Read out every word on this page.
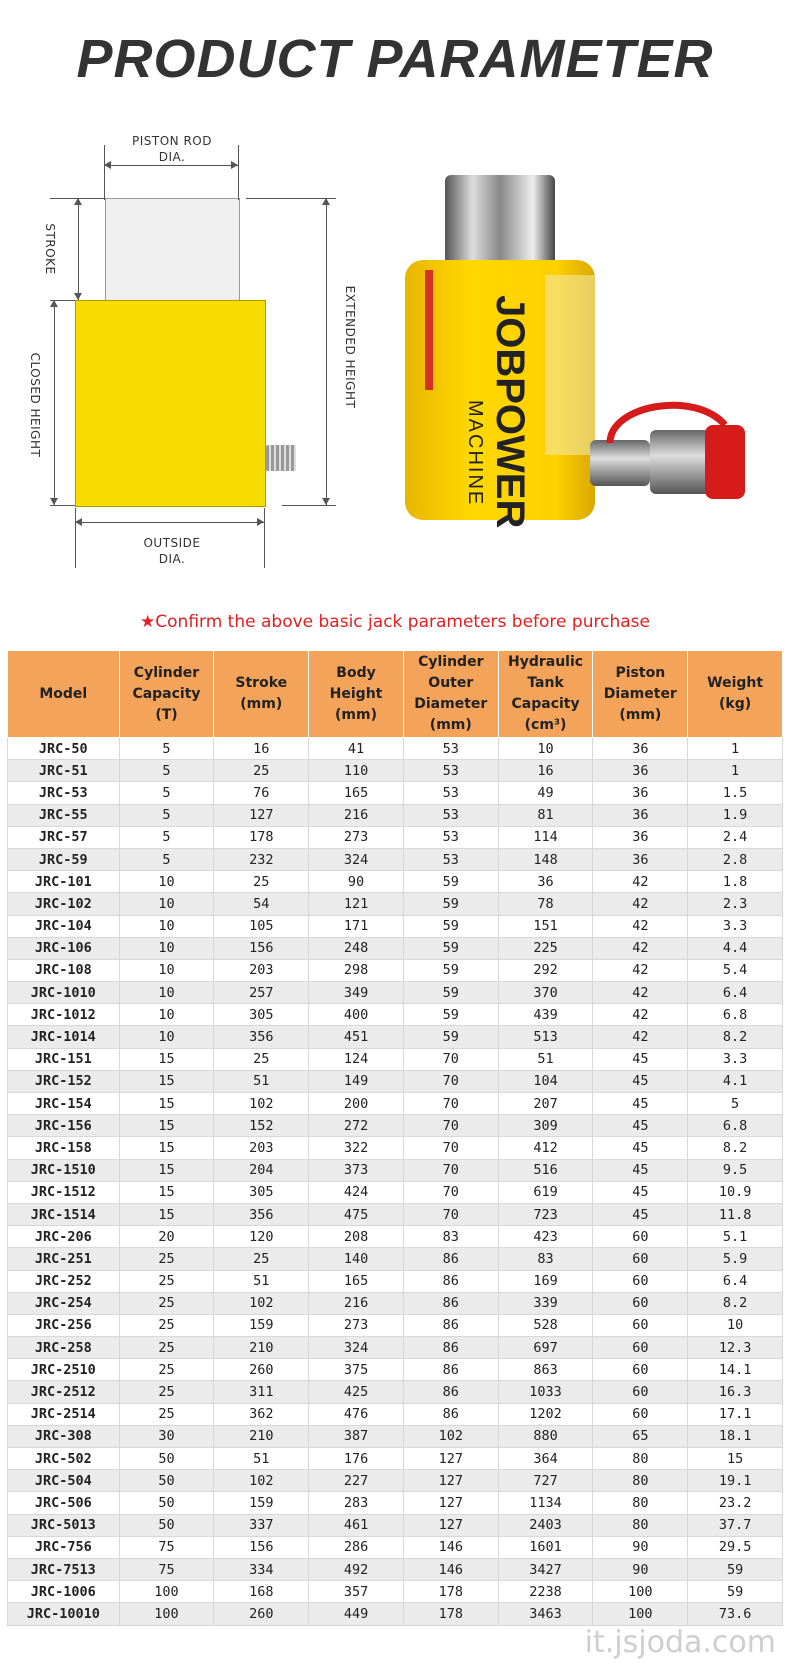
PRODUCT PARAMETER
PISTON ROD
DIA.
STROKE
CLOSED HEIGHT	EXTENDED HEIGHT
OUTSIDE
DIA.
JOBPOWER
MACHINE
★Confirm the above basic jack parameters before purchase
Model	Cylinder Capacity (T)	Stroke (mm)	Body Height (mm)	Cylinder Outer Diameter (mm)	Hydraulic Tank Capacity (cm³)	Piston Diameter (mm)	Weight (kg)
JRC-50	5	16	41	53	10	36	1
JRC-51	5	25	110	53	16	36	1
JRC-53	5	76	165	53	49	36	1.5
JRC-55	5	127	216	53	81	36	1.9
JRC-57	5	178	273	53	114	36	2.4
JRC-59	5	232	324	53	148	36	2.8
JRC-101	10	25	90	59	36	42	1.8
JRC-102	10	54	121	59	78	42	2.3
JRC-104	10	105	171	59	151	42	3.3
JRC-106	10	156	248	59	225	42	4.4
JRC-108	10	203	298	59	292	42	5.4
JRC-1010	10	257	349	59	370	42	6.4
JRC-1012	10	305	400	59	439	42	6.8
JRC-1014	10	356	451	59	513	42	8.2
JRC-151	15	25	124	70	51	45	3.3
JRC-152	15	51	149	70	104	45	4.1
JRC-154	15	102	200	70	207	45	5
JRC-156	15	152	272	70	309	45	6.8
JRC-158	15	203	322	70	412	45	8.2
JRC-1510	15	204	373	70	516	45	9.5
JRC-1512	15	305	424	70	619	45	10.9
JRC-1514	15	356	475	70	723	45	11.8
JRC-206	20	120	208	83	423	60	5.1
JRC-251	25	25	140	86	83	60	5.9
JRC-252	25	51	165	86	169	60	6.4
JRC-254	25	102	216	86	339	60	8.2
JRC-256	25	159	273	86	528	60	10
JRC-258	25	210	324	86	697	60	12.3
JRC-2510	25	260	375	86	863	60	14.1
JRC-2512	25	311	425	86	1033	60	16.3
JRC-2514	25	362	476	86	1202	60	17.1
JRC-308	30	210	387	102	880	65	18.1
JRC-502	50	51	176	127	364	80	15
JRC-504	50	102	227	127	727	80	19.1
JRC-506	50	159	283	127	1134	80	23.2
JRC-5013	50	337	461	127	2403	80	37.7
JRC-756	75	156	286	146	1601	90	29.5
JRC-7513	75	334	492	146	3427	90	59
JRC-1006	100	168	357	178	2238	100	59
JRC-10010	100	260	449	178	3463	100	73.6
it.jsjoda.com
